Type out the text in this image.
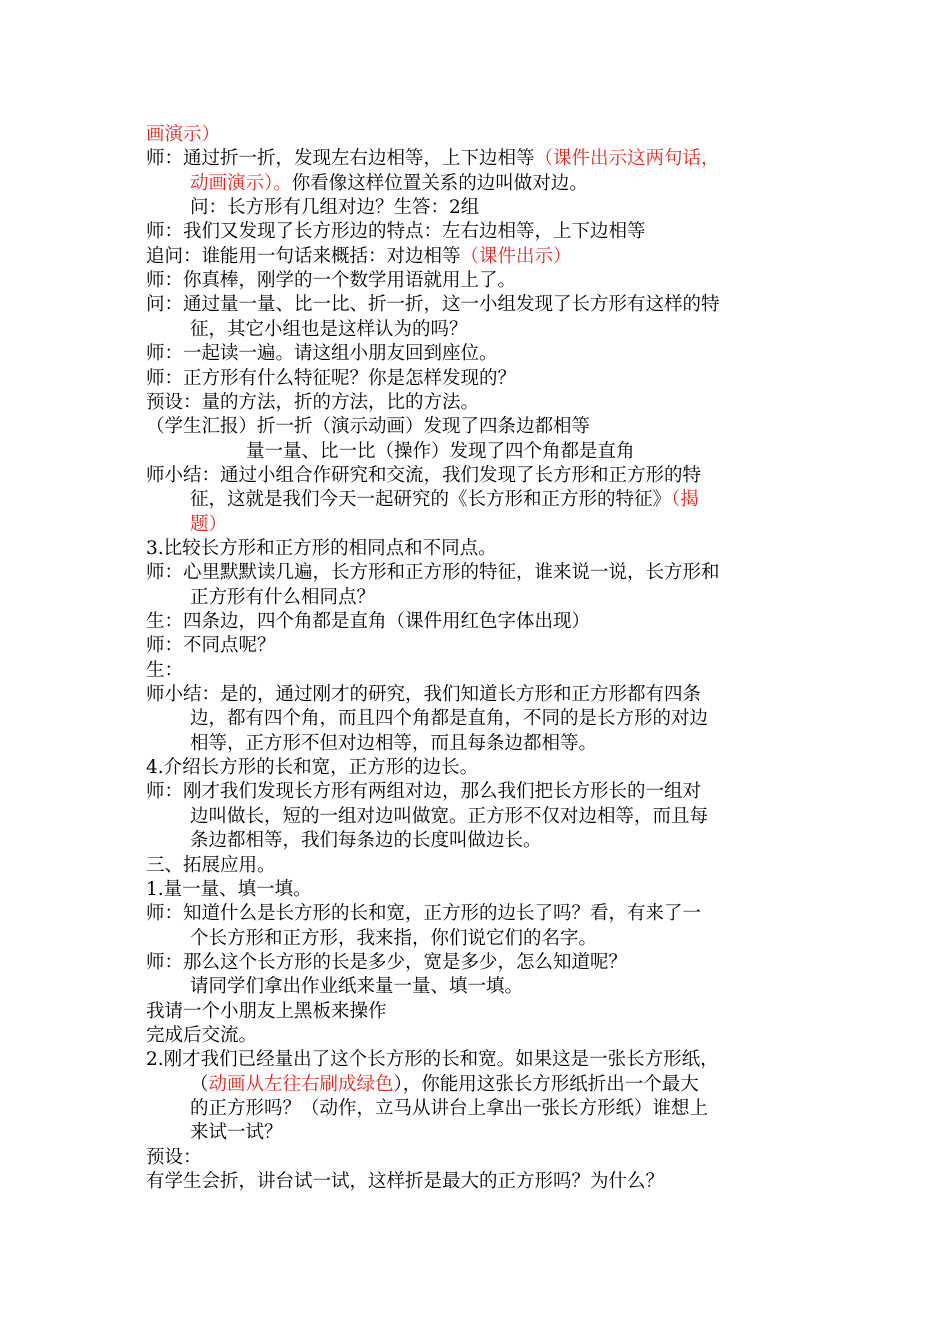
画演示）
师：通过折一折，发现左右边相等，上下边相等（课件出示这两句话，
动画演示）。你看像这样位置关系的边叫做对边。
问：长方形有几组对边？生答：2组
师：我们又发现了长方形边的特点：左右边相等，上下边相等
追问：谁能用一句话来概括：对边相等（课件出示）
师：你真棒，刚学的一个数学用语就用上了。
问：通过量一量、比一比、折一折，这一小组发现了长方形有这样的特
征，其它小组也是这样认为的吗？
师：一起读一遍。请这组小朋友回到座位。
师：正方形有什么特征呢？你是怎样发现的？
预设：量的方法，折的方法，比的方法。
（学生汇报）折一折（演示动画）发现了四条边都相等
量一量、比一比（操作）发现了四个角都是直角
师小结：通过小组合作研究和交流，我们发现了长方形和正方形的特
征，这就是我们今天一起研究的《长方形和正方形的特征》（揭
题）
3.比较长方形和正方形的相同点和不同点。
师：心里默默读几遍，长方形和正方形的特征，谁来说一说，长方形和
正方形有什么相同点？
生：四条边，四个角都是直角（课件用红色字体出现）
师：不同点呢？
生：
师小结：是的，通过刚才的研究，我们知道长方形和正方形都有四条
边，都有四个角，而且四个角都是直角，不同的是长方形的对边
相等，正方形不但对边相等，而且每条边都相等。
4.介绍长方形的长和宽，正方形的边长。
师：刚才我们发现长方形有两组对边，那么我们把长方形长的一组对
边叫做长，短的一组对边叫做宽。正方形不仅对边相等，而且每
条边都相等，我们每条边的长度叫做边长。
三、拓展应用。
1.量一量、填一填。
师：知道什么是长方形的长和宽，正方形的边长了吗？看，有来了一
个长方形和正方形，我来指，你们说它们的名字。
师：那么这个长方形的长是多少，宽是多少，怎么知道呢？
请同学们拿出作业纸来量一量、填一填。
我请一个小朋友上黑板来操作
完成后交流。
2.刚才我们已经量出了这个长方形的长和宽。如果这是一张长方形纸，
（动画从左往右刷成绿色），你能用这张长方形纸折出一个最大
的正方形吗？（动作，立马从讲台上拿出一张长方形纸）谁想上
来试一试？
预设：
有学生会折，讲台试一试，这样折是最大的正方形吗？为什么？
